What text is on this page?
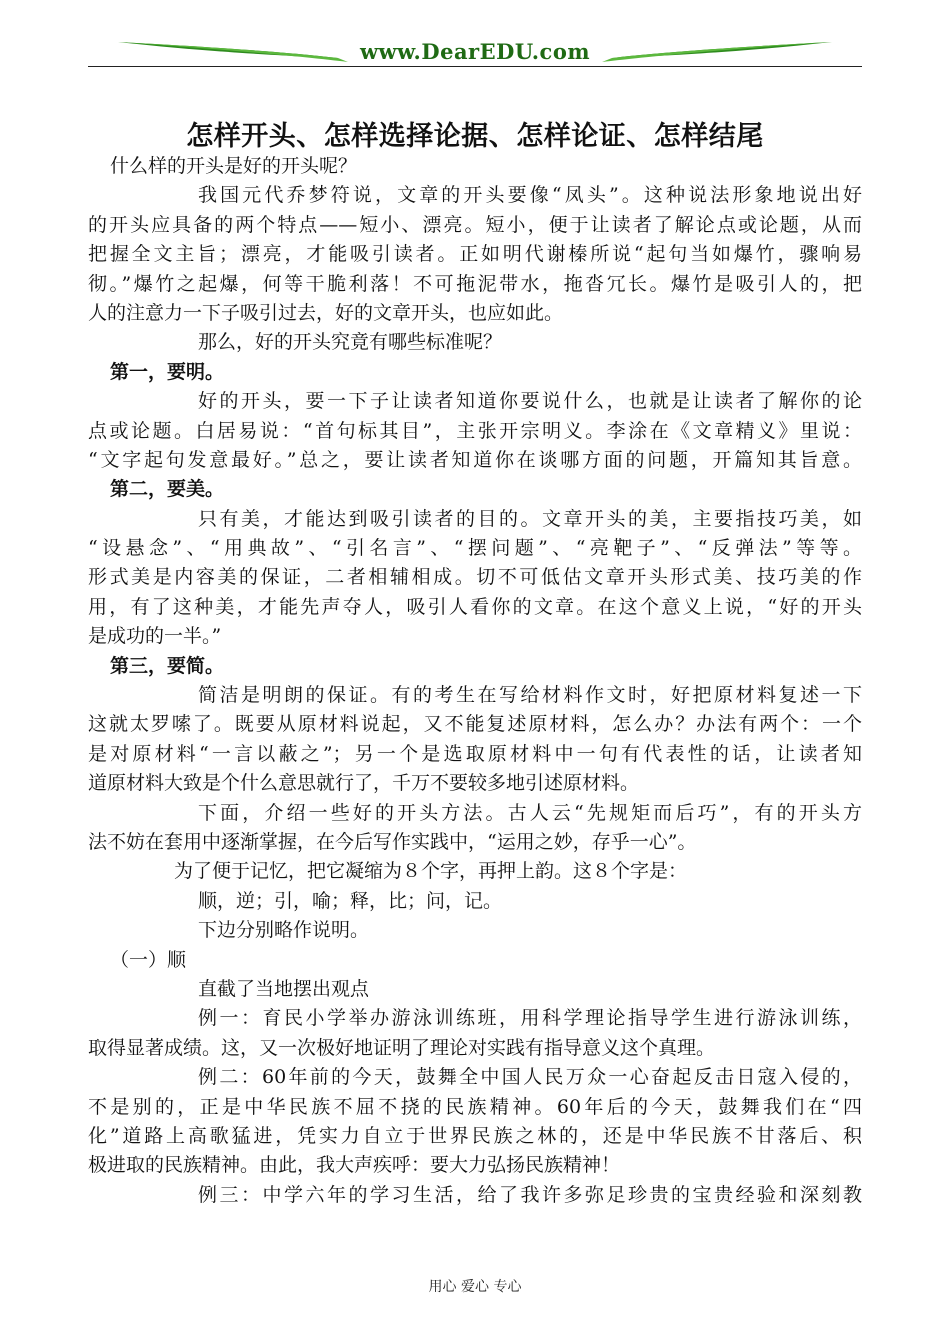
www.DearEDU.com
怎样开头、怎样选择论据、怎样论证、怎样结尾
什么样的开头是好的开头呢？
我国元代乔梦符说，文章的开头要像“凤头”。这种说法形象地说出好
的开头应具备的两个特点——短小、漂亮。短小，便于让读者了解论点或论题，从而
把握全文主旨；漂亮，才能吸引读者。正如明代谢榛所说“起句当如爆竹，骤响易
彻。”爆竹之起爆，何等干脆利落！不可拖泥带水，拖沓冗长。爆竹是吸引人的，把
人的注意力一下子吸引过去，好的文章开头，也应如此。
那么，好的开头究竟有哪些标准呢？
第一，要明。
好的开头，要一下子让读者知道你要说什么，也就是让读者了解你的论
点或论题。白居易说：“首句标其目”，主张开宗明义。李涂在《文章精义》里说：
“文字起句发意最好。”总之，要让读者知道你在谈哪方面的问题，开篇知其旨意。
第二，要美。
只有美，才能达到吸引读者的目的。文章开头的美，主要指技巧美，如
“设悬念”、“用典故”、“引名言”、“摆问题”、“亮靶子”、“反弹法”等等。
形式美是内容美的保证，二者相辅相成。切不可低估文章开头形式美、技巧美的作
用，有了这种美，才能先声夺人，吸引人看你的文章。在这个意义上说，“好的开头
是成功的一半。”
第三，要简。
简洁是明朗的保证。有的考生在写给材料作文时，好把原材料复述一下
这就太罗嗦了。既要从原材料说起，又不能复述原材料，怎么办？办法有两个：一个
是对原材料“一言以蔽之”；另一个是选取原材料中一句有代表性的话，让读者知
道原材料大致是个什么意思就行了，千万不要较多地引述原材料。
下面，介绍一些好的开头方法。古人云“先规矩而后巧”，有的开头方
法不妨在套用中逐渐掌握，在今后写作实践中，“运用之妙，存乎一心”。
为了便于记忆，把它凝缩为８个字，再押上韵。这８个字是：
顺，逆；引，喻；释，比；问，记。
下边分别略作说明。
（一）顺
直截了当地摆出观点
例一：育民小学举办游泳训练班，用科学理论指导学生进行游泳训练，
取得显著成绩。这，又一次极好地证明了理论对实践有指导意义这个真理。
例二：60年前的今天，鼓舞全中国人民万众一心奋起反击日寇入侵的，
不是别的，正是中华民族不屈不挠的民族精神。60年后的今天，鼓舞我们在“四
化”道路上高歌猛进，凭实力自立于世界民族之林的，还是中华民族不甘落后、积
极进取的民族精神。由此，我大声疾呼：要大力弘扬民族精神！
例三：中学六年的学习生活，给了我许多弥足珍贵的宝贵经验和深刻教
用心 爱心 专心
